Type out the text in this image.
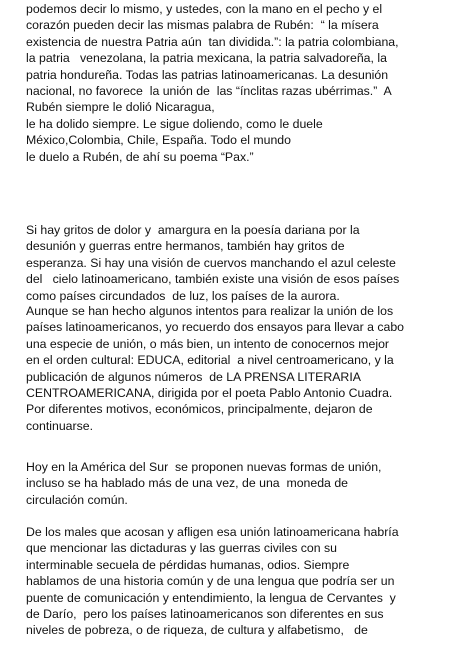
podemos decir lo mismo, y ustedes, con la mano en el pecho y el
corazón pueden decir las mismas palabra de Rubén:  “ la mísera
existencia de nuestra Patria aún  tan dividida.”: la patria colombiana,
la patria   venezolana, la patria mexicana, la patria salvadoreña, la
patria hondureña. Todas las patrias latinoamericanas. La desunión
nacional, no favorece  la unión de  las “ínclitas razas ubérrimas.”  A
Rubén siempre le dolió Nicaragua,
le ha dolido siempre. Le sigue doliendo, como le duele
México,Colombia, Chile, España. Todo el mundo
le duelo a Rubén, de ahí su poema “Pax.”

Si hay gritos de dolor y  amargura en la poesía dariana por la
desunión y guerras entre hermanos, también hay gritos de
esperanza. Si hay una visión de cuervos manchando el azul celeste
del   cielo latinoamericano, también existe una visión de esos países
como países circundados  de luz, los países de la aurora.

Aunque se han hecho algunos intentos para realizar la unión de los
países latinoamericanos, yo recuerdo dos ensayos para llevar a cabo
una especie de unión, o más bien, un intento de conocernos mejor
en el orden cultural: EDUCA, editorial  a nivel centroamericano, y la
publicación de algunos números  de LA PRENSA LITERARIA
CENTROAMERICANA, dirigida por el poeta Pablo Antonio Cuadra.
Por diferentes motivos, económicos, principalmente, dejaron de
continuarse.

Hoy en la América del Sur  se proponen nuevas formas de unión,
incluso se ha hablado más de una vez, de una  moneda de
circulación común.

De los males que acosan y afligen esa unión latinoamericana habría
que mencionar las dictaduras y las guerras civiles con su
interminable secuela de pérdidas humanas, odios. Siempre
hablamos de una historia común y de una lengua que podría ser un
puente de comunicación y entendimiento, la lengua de Cervantes  y
de Darío,  pero los países latinoamericanos son diferentes en sus
niveles de pobreza, o de riqueza, de cultura y alfabetismo,   de
